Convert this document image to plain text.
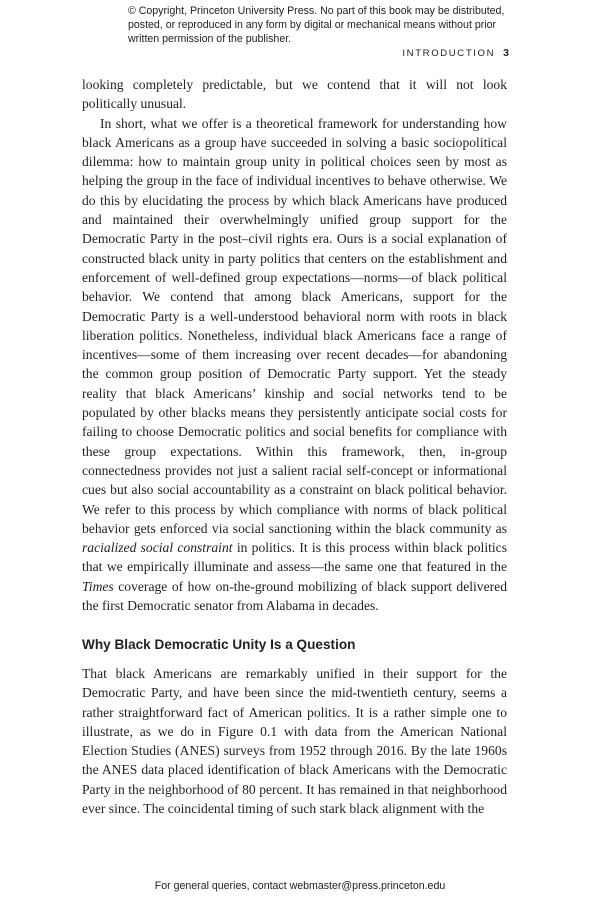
© Copyright, Princeton University Press. No part of this book may be distributed, posted, or reproduced in any form by digital or mechanical means without prior written permission of the publisher.
INTRODUCTION 3

looking completely predictable, but we contend that it will not look politically unusual.

In short, what we offer is a theoretical framework for understanding how black Americans as a group have succeeded in solving a basic sociopolitical dilemma: how to maintain group unity in political choices seen by most as helping the group in the face of individual incentives to behave otherwise. We do this by elucidating the process by which black Americans have produced and maintained their overwhelmingly unified group support for the Democratic Party in the post–civil rights era. Ours is a social explanation of constructed black unity in party politics that centers on the establishment and enforcement of well-defined group expectations—norms—of black political behavior. We contend that among black Americans, support for the Democratic Party is a well-understood behavioral norm with roots in black liberation politics. Nonetheless, individual black Americans face a range of incentives—some of them increasing over recent decades—for abandoning the common group position of Democratic Party support. Yet the steady reality that black Americans’ kinship and social networks tend to be populated by other blacks means they persistently anticipate social costs for failing to choose Democratic politics and social benefits for compliance with these group expectations. Within this framework, then, in-group connectedness provides not just a salient racial self-concept or informational cues but also social accountability as a constraint on black political behavior. We refer to this process by which compliance with norms of black political behavior gets enforced via social sanctioning within the black community as racialized social constraint in politics. It is this process within black politics that we empirically illuminate and assess—the same one that featured in the Times coverage of how on-the-ground mobilizing of black support delivered the first Democratic senator from Alabama in decades.

Why Black Democratic Unity Is a Question

That black Americans are remarkably unified in their support for the Democratic Party, and have been since the mid-twentieth century, seems a rather straightforward fact of American politics. It is a rather simple one to illustrate, as we do in Figure 0.1 with data from the American National Election Studies (ANES) surveys from 1952 through 2016. By the late 1960s the ANES data placed identification of black Americans with the Democratic Party in the neighborhood of 80 percent. It has remained in that neighborhood ever since. The coincidental timing of such stark black alignment with the

For general queries, contact webmaster@press.princeton.edu
